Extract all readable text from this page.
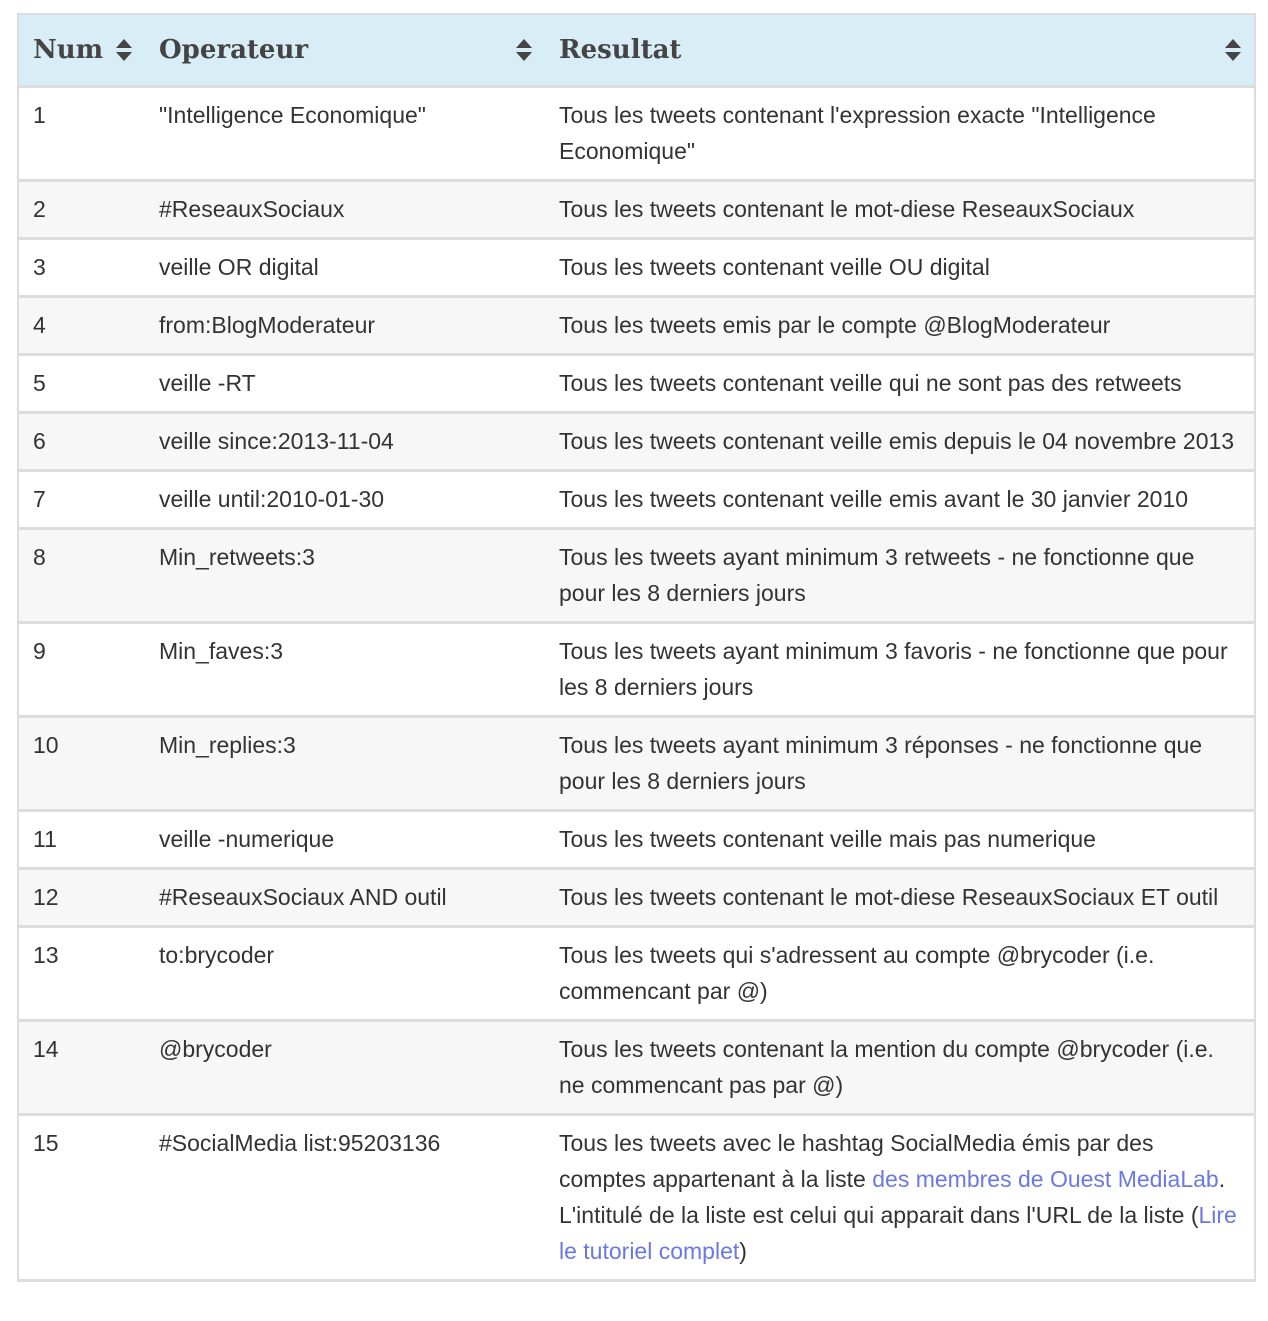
Num	Operateur	Resultat

1	"Intelligence Economique"	Tous les tweets contenant l'expression exacte "Intelligence Economique"
2	#ReseauxSociaux	Tous les tweets contenant le mot-diese ReseauxSociaux
3	veille OR digital	Tous les tweets contenant veille OU digital
4	from:BlogModerateur	Tous les tweets emis par le compte @BlogModerateur
5	veille -RT	Tous les tweets contenant veille qui ne sont pas des retweets
6	veille since:2013-11-04	Tous les tweets contenant veille emis depuis le 04 novembre 2013
7	veille until:2010-01-30	Tous les tweets contenant veille emis avant le 30 janvier 2010
8	Min_retweets:3	Tous les tweets ayant minimum 3 retweets - ne fonctionne que pour les 8 derniers jours
9	Min_faves:3	Tous les tweets ayant minimum 3 favoris - ne fonctionne que pour les 8 derniers jours
10	Min_replies:3	Tous les tweets ayant minimum 3 réponses - ne fonctionne que pour les 8 derniers jours
11	veille -numerique	Tous les tweets contenant veille mais pas numerique
12	#ReseauxSociaux AND outil	Tous les tweets contenant le mot-diese ReseauxSociaux ET outil
13	to:brycoder	Tous les tweets qui s'adressent au compte @brycoder (i.e. commencant par @)
14	@brycoder	Tous les tweets contenant la mention du compte @brycoder (i.e. ne commencant pas par @)
15	#SocialMedia list:95203136	Tous les tweets avec le hashtag SocialMedia émis par des comptes appartenant à la liste des membres de Ouest MediaLab. L'intitulé de la liste est celui qui apparait dans l'URL de la liste (Lire le tutoriel complet)
